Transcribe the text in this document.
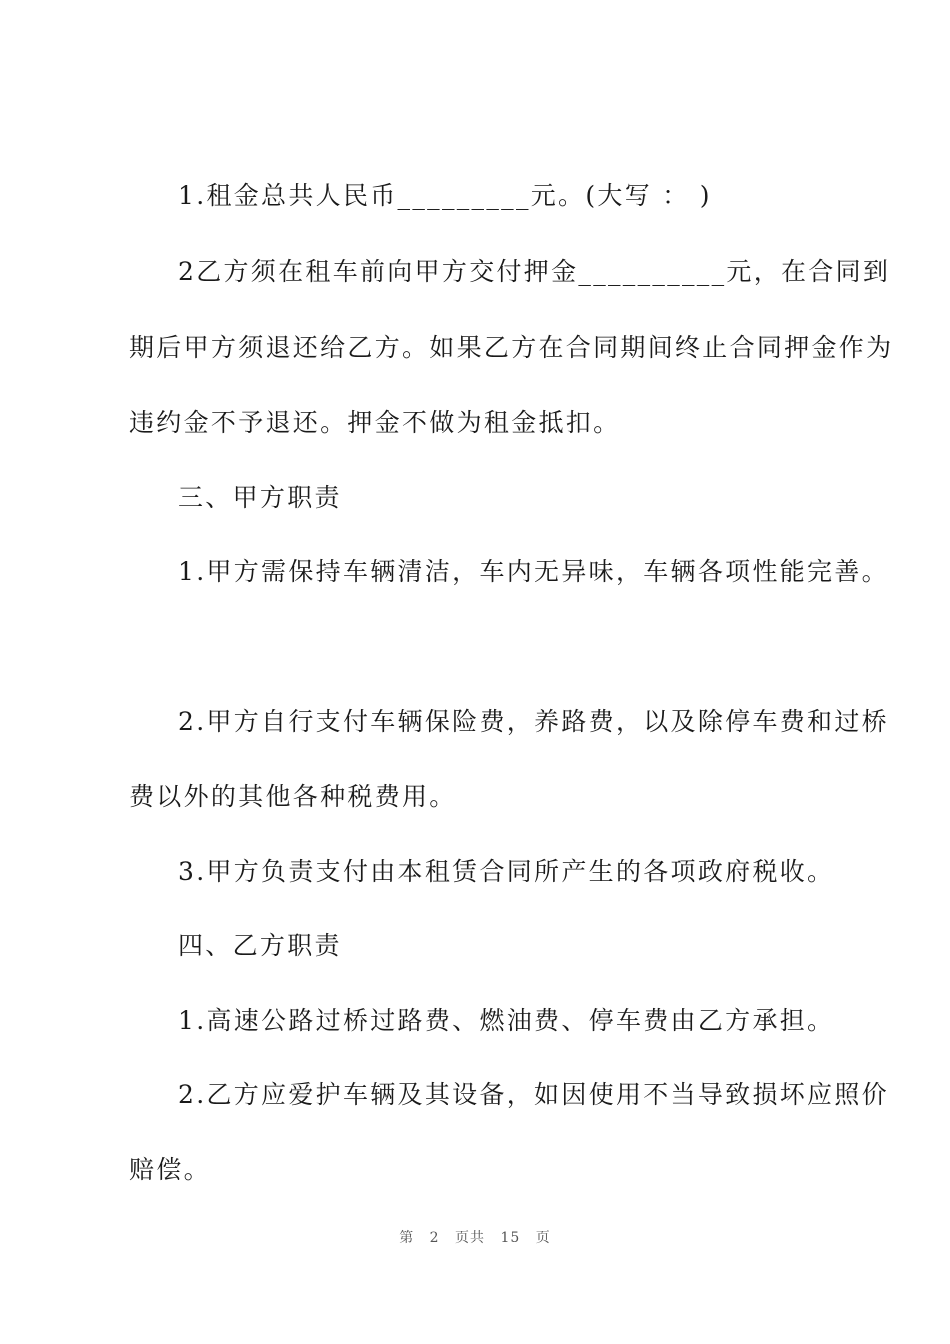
1.租金总共人民币_________元。(大写 ： )
2乙方须在租车前向甲方交付押金__________元，在合同到
期后甲方须退还给乙方。如果乙方在合同期间终止合同押金作为
违约金不予退还。押金不做为租金抵扣。
三、甲方职责
1.甲方需保持车辆清洁，车内无异味，车辆各项性能完善。
2.甲方自行支付车辆保险费，养路费，以及除停车费和过桥
费以外的其他各种税费用。
3.甲方负责支付由本租赁合同所产生的各项政府税收。
四、乙方职责
1.高速公路过桥过路费、燃油费、停车费由乙方承担。
2.乙方应爱护车辆及其设备，如因使用不当导致损坏应照价
赔偿。
第 2 页共 15 页
